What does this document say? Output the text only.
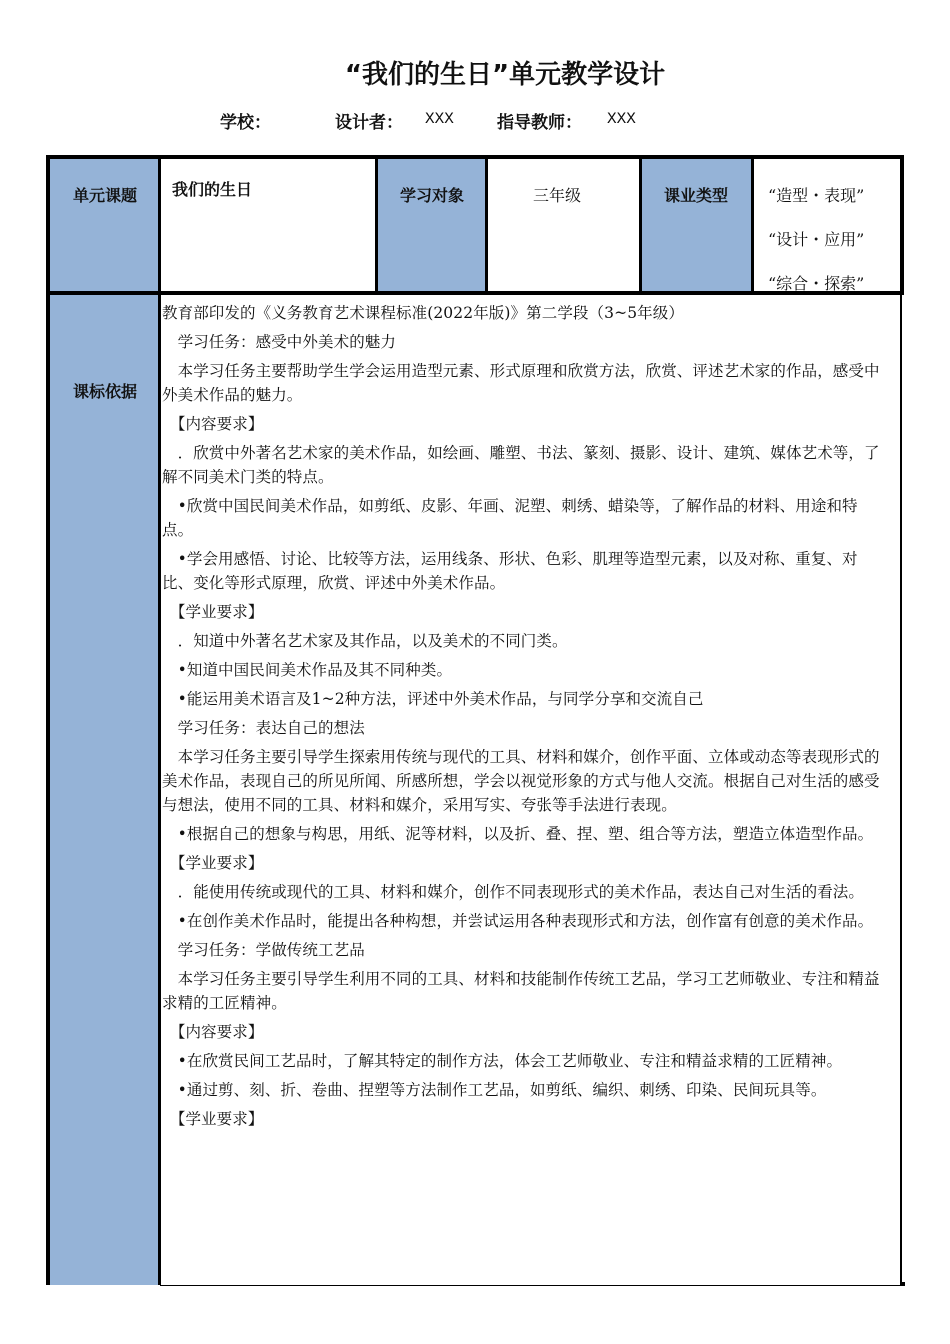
“我们的生日”单元教学设计
学校：	设计者： XXX	指导教师： XXX
单元课题 我们的生日	学习对象	三年级	课业类型 “造型・表现”
“设计・应用”
“综合・探索”
课标依据

教育部印发的《义务教育艺术课程标准(2022年版)》第二学段（3~5年级）

　学习任务：感受中外美术的魅力

　本学习任务主要帮助学生学会运用造型元素、形式原理和欣赏方法，欣赏、评述艺术家的作品，感受中外美术作品的魅力。

　【内容要求】

　．欣赏中外著名艺术家的美术作品，如绘画、雕塑、书法、篆刻、摄影、设计、建筑、媒体艺术等，了解不同美术门类的特点。

　•欣赏中国民间美术作品，如剪纸、皮影、年画、泥塑、刺绣、蜡染等，了解作品的材料、用途和特点。

　•学会用感悟、讨论、比较等方法，运用线条、形状、色彩、肌理等造型元素，以及对称、重复、对比、变化等形式原理，欣赏、评述中外美术作品。

　【学业要求】

　．知道中外著名艺术家及其作品，以及美术的不同门类。

　•知道中国民间美术作品及其不同种类。

　•能运用美术语言及1~2种方法，评述中外美术作品，与同学分享和交流自己

　学习任务：表达自己的想法

　本学习任务主要引导学生探索用传统与现代的工具、材料和媒介，创作平面、立体或动态等表现形式的美术作品，表现自己的所见所闻、所感所想，学会以视觉形象的方式与他人交流。根据自己对生活的感受与想法，使用不同的工具、材料和媒介，采用写实、夸张等手法进行表现。

　•根据自己的想象与构思，用纸、泥等材料，以及折、叠、捏、塑、组合等方法，塑造立体造型作品。

　【学业要求】

　．能使用传统或现代的工具、材料和媒介，创作不同表现形式的美术作品，表达自己对生活的看法。

　•在创作美术作品时，能提出各种构想，并尝试运用各种表现形式和方法，创作富有创意的美术作品。

　学习任务：学做传统工艺品

　本学习任务主要引导学生利用不同的工具、材料和技能制作传统工艺品，学习工艺师敬业、专注和精益求精的工匠精神。

　【内容要求】

　•在欣赏民间工艺品时，了解其特定的制作方法，体会工艺师敬业、专注和精益求精的工匠精神。

　•通过剪、刻、折、卷曲、捏塑等方法制作工艺品，如剪纸、编织、刺绣、印染、民间玩具等。

　【学业要求】
